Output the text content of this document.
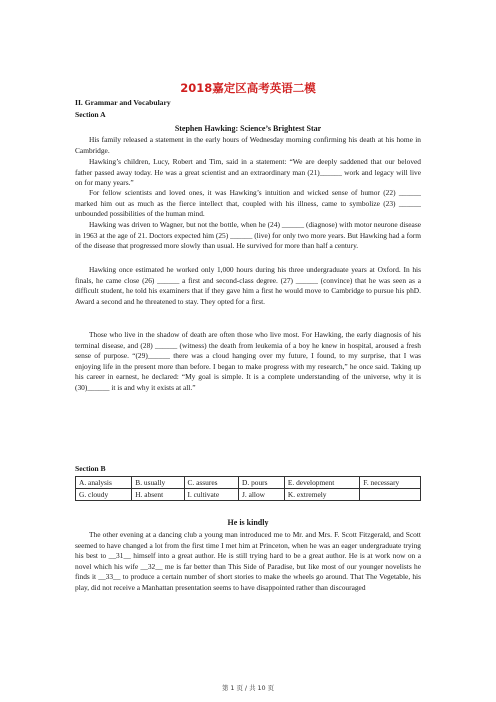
2018嘉定区高考英语二模
II. Grammar and Vocabulary
Section A
Stephen Hawking: Science’s Brightest Star

His family released a statement in the early hours of Wednesday morning confirming his death at his home in Cambridge.

Hawking’s children, Lucy, Robert and Tim, said in a statement: “We are deeply saddened that our beloved father passed away today. He was a great scientist and an extraordinary man (21)______ work and legacy will live on for many years.”

For fellow scientists and loved ones, it was Hawking’s intuition and wicked sense of humor (22) ______ marked him out as much as the fierce intellect that, coupled with his illness, came to symbolize (23) ______ unbounded possibilities of the human mind.

Hawking was driven to Wagner, but not the bottle, when he (24) ______ (diagnose) with motor neurone disease in 1963 at the age of 21. Doctors expected him (25) ______ (live) for only two more years. But Hawking had a form of the disease that progressed more slowly than usual. He survived for more than half a century.

Hawking once estimated he worked only 1,000 hours during his three undergraduate years at Oxford. In his finals, he came close (26) ______ a first and second-class degree. (27) ______ (convince) that he was seen as a difficult student, he told his examiners that if they gave him a first he would move to Cambridge to pursue his phD. Award a second and he threatened to stay. They opted for a first.

Those who live in the shadow of death are often those who live most. For Hawking, the early diagnosis of his terminal disease, and (28) ______ (witness) the death from leukemia of a boy he knew in hospital, aroused a fresh sense of purpose. “(29)______ there was a cloud hanging over my future, I found, to my surprise, that I was enjoying life in the present more than before. I began to make progress with my research,” he once said. Taking up his career in earnest, he declared: “My goal is simple. It is a complete understanding of the universe, why it is (30)______ it is and why it exists at all.”

Section B
A. analysis	B. usually	C. assures	D. pours	E. development	F. necessary
G. cloudy	H. absent	I. cultivate	J. allow	K. extremely	
He is kindly

The other evening at a dancing club a young man introduced me to Mr. and Mrs. F. Scott Fitzgerald, and Scott seemed to have changed a lot from the first time I met him at Princeton, when he was an eager undergraduate trying his best to __31__ himself into a great author. He is still trying hard to be a great author. He is at work now on a novel which his wife __32__ me is far better than This Side of Paradise, but like most of our younger novelists he finds it __33__ to produce a certain number of short stories to make the wheels go around. That The Vegetable, his play, did not receive a Manhattan presentation seems to have disappointed rather than discouraged

第 1 页 / 共 10 页
